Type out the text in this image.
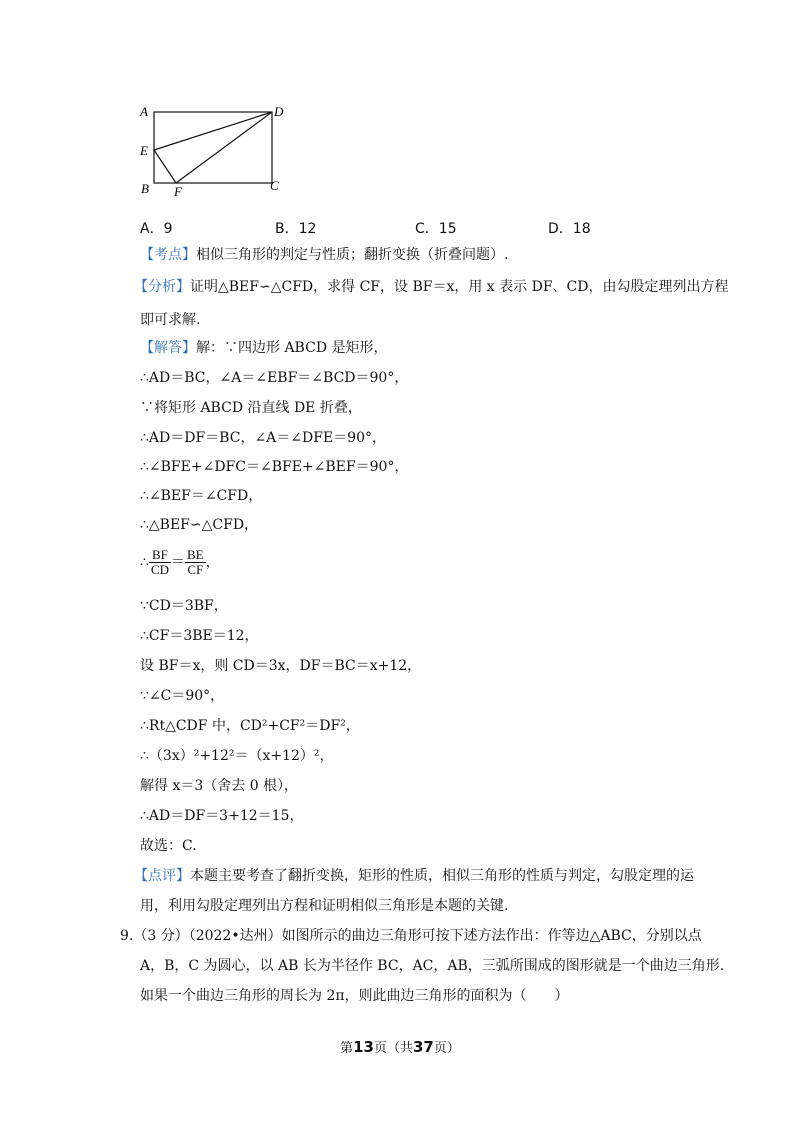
A	D
E
B F	C
A．9	B．12	C．15	D．18
【考点】相似三角形的判定与性质；翻折变换（折叠问题）.
【分析】证明△BEF∽△CFD，求得 CF，设 BF＝x，用 x 表示 DF、CD，由勾股定理列出方程
即可求解.
【解答】解：∵四边形 ABCD 是矩形，
∴AD＝BC，∠A＝∠EBF＝∠BCD＝90°，
∵将矩形 ABCD 沿直线 DE 折叠，
∴AD＝DF＝BC，∠A＝∠DFE＝90°，
∴∠BFE+∠DFC＝∠BFE+∠BEF＝90°，
∴∠BEF＝∠CFD，
∴△BEF∽△CFD，
∴ $\frac{BF}{CD} = \frac{BE}{CF}$ ，
∵CD＝3BF，
∴CF＝3BE＝12，
设 BF＝x，则 CD＝3x，DF＝BC＝x+12，
∵∠C＝90°，
∴Rt△CDF 中，CD²+CF²＝DF²，
∴（3x）²+12²＝（x+12）²，
解得 x＝3（舍去 0 根），
∴AD＝DF＝3+12＝15，
故选：C.
【点评】本题主要考查了翻折变换，矩形的性质，相似三角形的性质与判定，勾股定理的运
用，利用勾股定理列出方程和证明相似三角形是本题的关键.
9.（3 分）（2022•达州）如图所示的曲边三角形可按下述方法作出：作等边△ABC，分别以点
A，B，C 为圆心，以 AB 长为半径作 BC，AC，AB，三弧所围成的图形就是一个曲边三角形.
如果一个曲边三角形的周长为 2π，则此曲边三角形的面积为（　　）
第13页（共37页）
